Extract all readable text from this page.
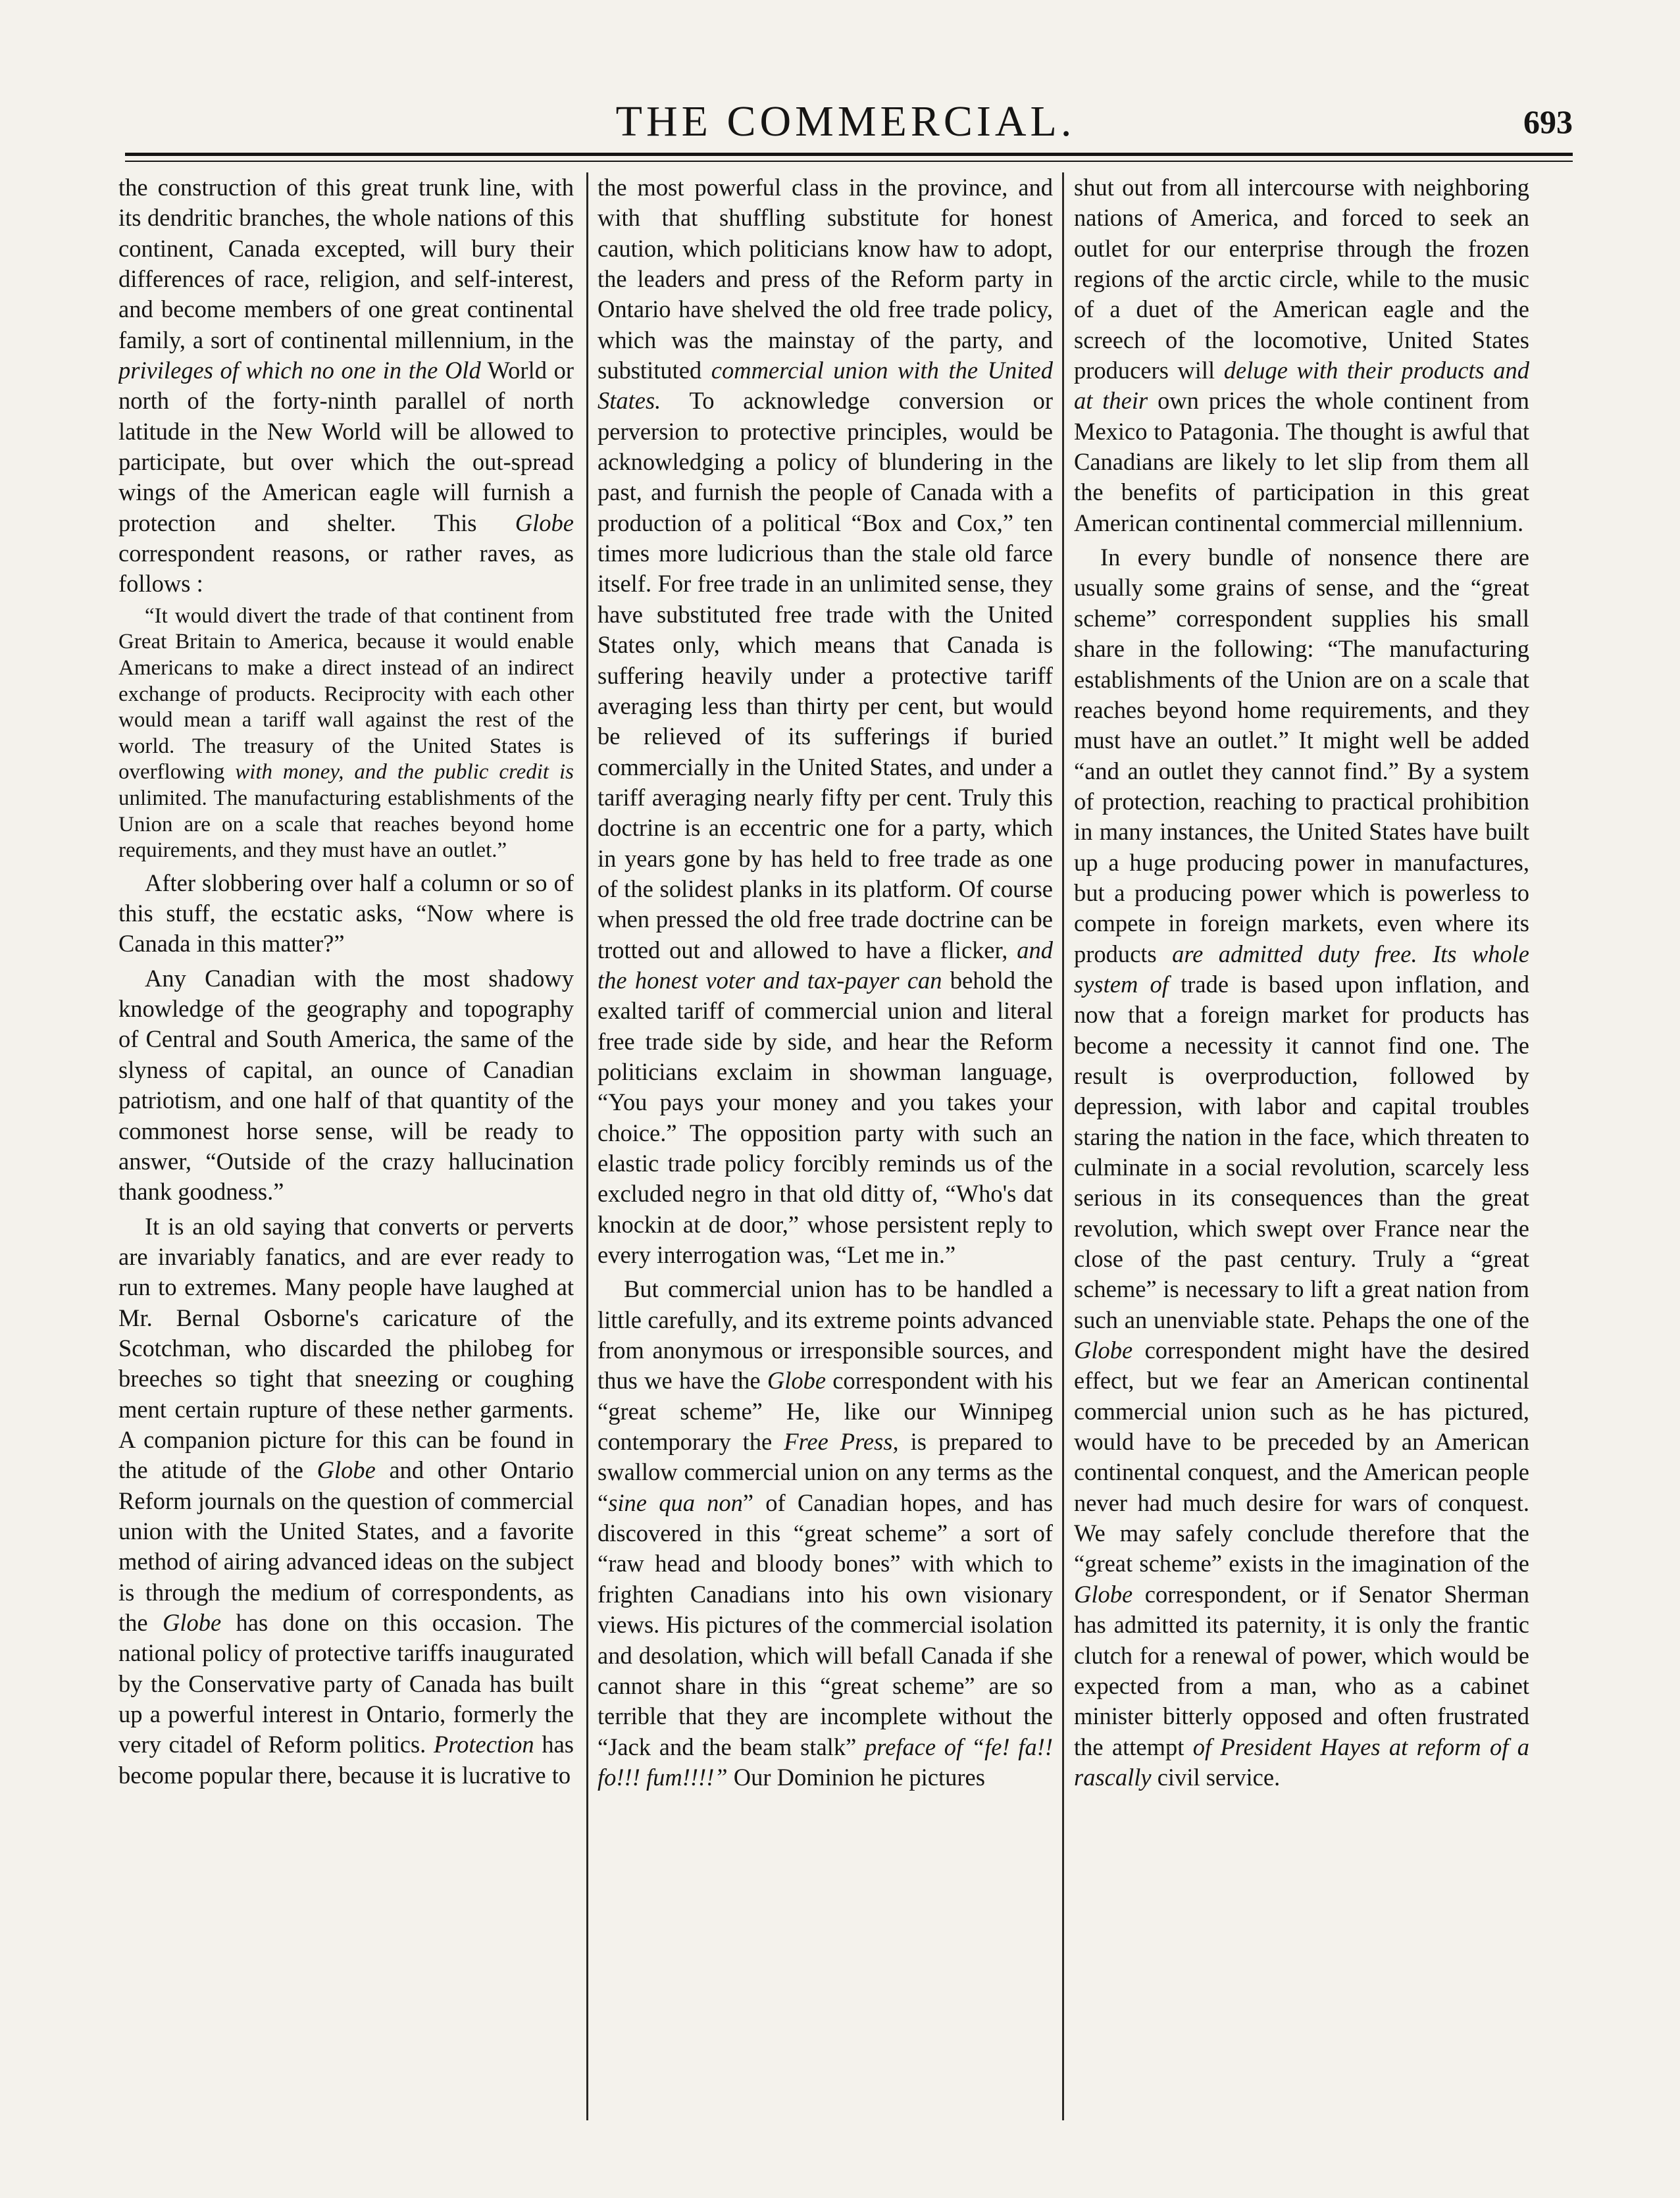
THE COMMERCIAL.	693

the construction of this great trunk line, with its dendritic branches, the whole nations of this continent, Canada excepted, will bury their differences of race, religion, and self-interest, and become members of one great continental family, a sort of continental millennium, in the privileges of which no one in the Old World or north of the forty-ninth parallel of north latitude in the New World will be allowed to participate, but over which the out-spread wings of the American eagle will furnish a protection and shelter. This Globe correspondent reasons, or rather raves, as follows :

“It would divert the trade of that continent from Great Britain to America, because it would enable Americans to make a direct instead of an indirect exchange of products. Reciprocity with each other would mean a tariff wall against the rest of the world. The treasury of the United States is overflowing with money, and the public credit is unlimited. The manufacturing establishments of the Union are on a scale that reaches beyond home requirements, and they must have an outlet.”

After slobbering over half a column or so of this stuff, the ecstatic asks, “Now where is Canada in this matter?”

Any Canadian with the most shadowy knowledge of the geography and topography of Central and South America, the same of the slyness of capital, an ounce of Canadian patriotism, and one half of that quantity of the commonest horse sense, will be ready to answer, “Outside of the crazy hallucination thank goodness.”

It is an old saying that converts or perverts are invariably fanatics, and are ever ready to run to extremes. Many people have laughed at Mr. Bernal Osborne's caricature of the Scotchman, who discarded the philobeg for breeches so tight that sneezing or coughing ment certain rupture of these nether garments. A companion picture for this can be found in the atitude of the Globe and other Ontario Reform journals on the question of commercial union with the United States, and a favorite method of airing advanced ideas on the subject is through the medium of correspondents, as the Globe has done on this occasion. The national policy of protective tariffs inaugurated by the Conservative party of Canada has built up a powerful interest in Ontario, formerly the very citadel of Reform politics. Protection has become popular there, because it is lucrative to

the most powerful class in the province, and with that shuffling substitute for honest caution, which politicians know haw to adopt, the leaders and press of the Reform party in Ontario have shelved the old free trade policy, which was the mainstay of the party, and substituted commercial union with the United States. To acknowledge conversion or perversion to protective principles, would be acknowledging a policy of blundering in the past, and furnish the people of Canada with a production of a political “Box and Cox,” ten times more ludicrious than the stale old farce itself. For free trade in an unlimited sense, they have substituted free trade with the United States only, which means that Canada is suffering heavily under a protective tariff averaging less than thirty per cent, but would be relieved of its sufferings if buried commercially in the United States, and under a tariff averaging nearly fifty per cent. Truly this doctrine is an eccentric one for a party, which in years gone by has held to free trade as one of the solidest planks in its platform. Of course when pressed the old free trade doctrine can be trotted out and allowed to have a flicker, and the honest voter and tax-payer can behold the exalted tariff of commercial union and literal free trade side by side, and hear the Reform politicians exclaim in showman language, “You pays your money and you takes your choice.” The opposition party with such an elastic trade policy forcibly reminds us of the excluded negro in that old ditty of, “Who's dat knockin at de door,” whose persistent reply to every interrogation was, “Let me in.”

But commercial union has to be handled a little carefully, and its extreme points advanced from anonymous or irresponsible sources, and thus we have the Globe correspondent with his “great scheme” He, like our Winnipeg contemporary the Free Press, is prepared to swallow commercial union on any terms as the “sine qua non” of Canadian hopes, and has discovered in this “great scheme” a sort of “raw head and bloody bones” with which to frighten Canadians into his own visionary views. His pictures of the commercial isolation and desolation, which will befall Canada if she cannot share in this “great scheme” are so terrible that they are incomplete without the “Jack and the beam stalk” preface of “fe! fa!! fo!!! fum!!!!” Our Dominion he pictures

shut out from all intercourse with neighboring nations of America, and forced to seek an outlet for our enterprise through the frozen regions of the arctic circle, while to the music of a duet of the American eagle and the screech of the locomotive, United States producers will deluge with their products and at their own prices the whole continent from Mexico to Patagonia. The thought is awful that Canadians are likely to let slip from them all the benefits of participation in this great American continental commercial millennium.

In every bundle of nonsence there are usually some grains of sense, and the “great scheme” correspondent supplies his small share in the following: “The manufacturing establishments of the Union are on a scale that reaches beyond home requirements, and they must have an outlet.” It might well be added “and an outlet they cannot find.” By a system of protection, reaching to practical prohibition in many instances, the United States have built up a huge producing power in manufactures, but a producing power which is powerless to compete in foreign markets, even where its products are admitted duty free. Its whole system of trade is based upon inflation, and now that a foreign market for products has become a necessity it cannot find one. The result is overproduction, followed by depression, with labor and capital troubles staring the nation in the face, which threaten to culminate in a social revolution, scarcely less serious in its consequences than the great revolution, which swept over France near the close of the past century. Truly a “great scheme” is necessary to lift a great nation from such an unenviable state. Pehaps the one of the Globe correspondent might have the desired effect, but we fear an American continental commercial union such as he has pictured, would have to be preceded by an American continental conquest, and the American people never had much desire for wars of conquest. We may safely conclude therefore that the “great scheme” exists in the imagination of the Globe correspondent, or if Senator Sherman has admitted its paternity, it is only the frantic clutch for a renewal of power, which would be expected from a man, who as a cabinet minister bitterly opposed and often frustrated the attempt of President Hayes at reform of a rascally civil service.
